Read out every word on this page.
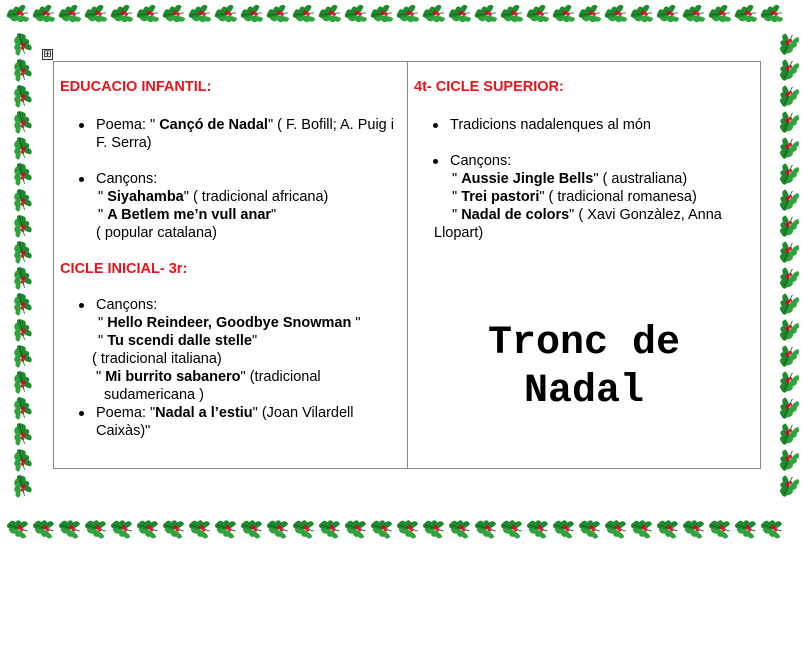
⊞

EDUCACIO INFANTIL:

Poema: " Cançó de Nadal" ( F. Bofill; A. Puig i F. Serra)
Cançons:
" Siyahamba" ( tradicional africana)
" A Betlem me’n vull anar"
( popular catalana)

CICLE INICIAL- 3r:

Cançons:
" Hello Reindeer, Goodbye Snowman "
" Tu scendi dalle stelle"
( tradicional italiana)
" Mi burrito sabanero" (tradicional
sudamericana )
Poema: "Nadal a l’estiu" (Joan Vilardell Caixàs)"

4t- CICLE SUPERIOR:

Tradicions nadalenques al món
Cançons:
" Aussie Jingle Bells" ( australiana)
" Trei pastori" ( tradicional romanesa)
" Nadal de colors" ( Xavi Gonzàlez, Anna
Llopart)
Tronc de
Nadal
